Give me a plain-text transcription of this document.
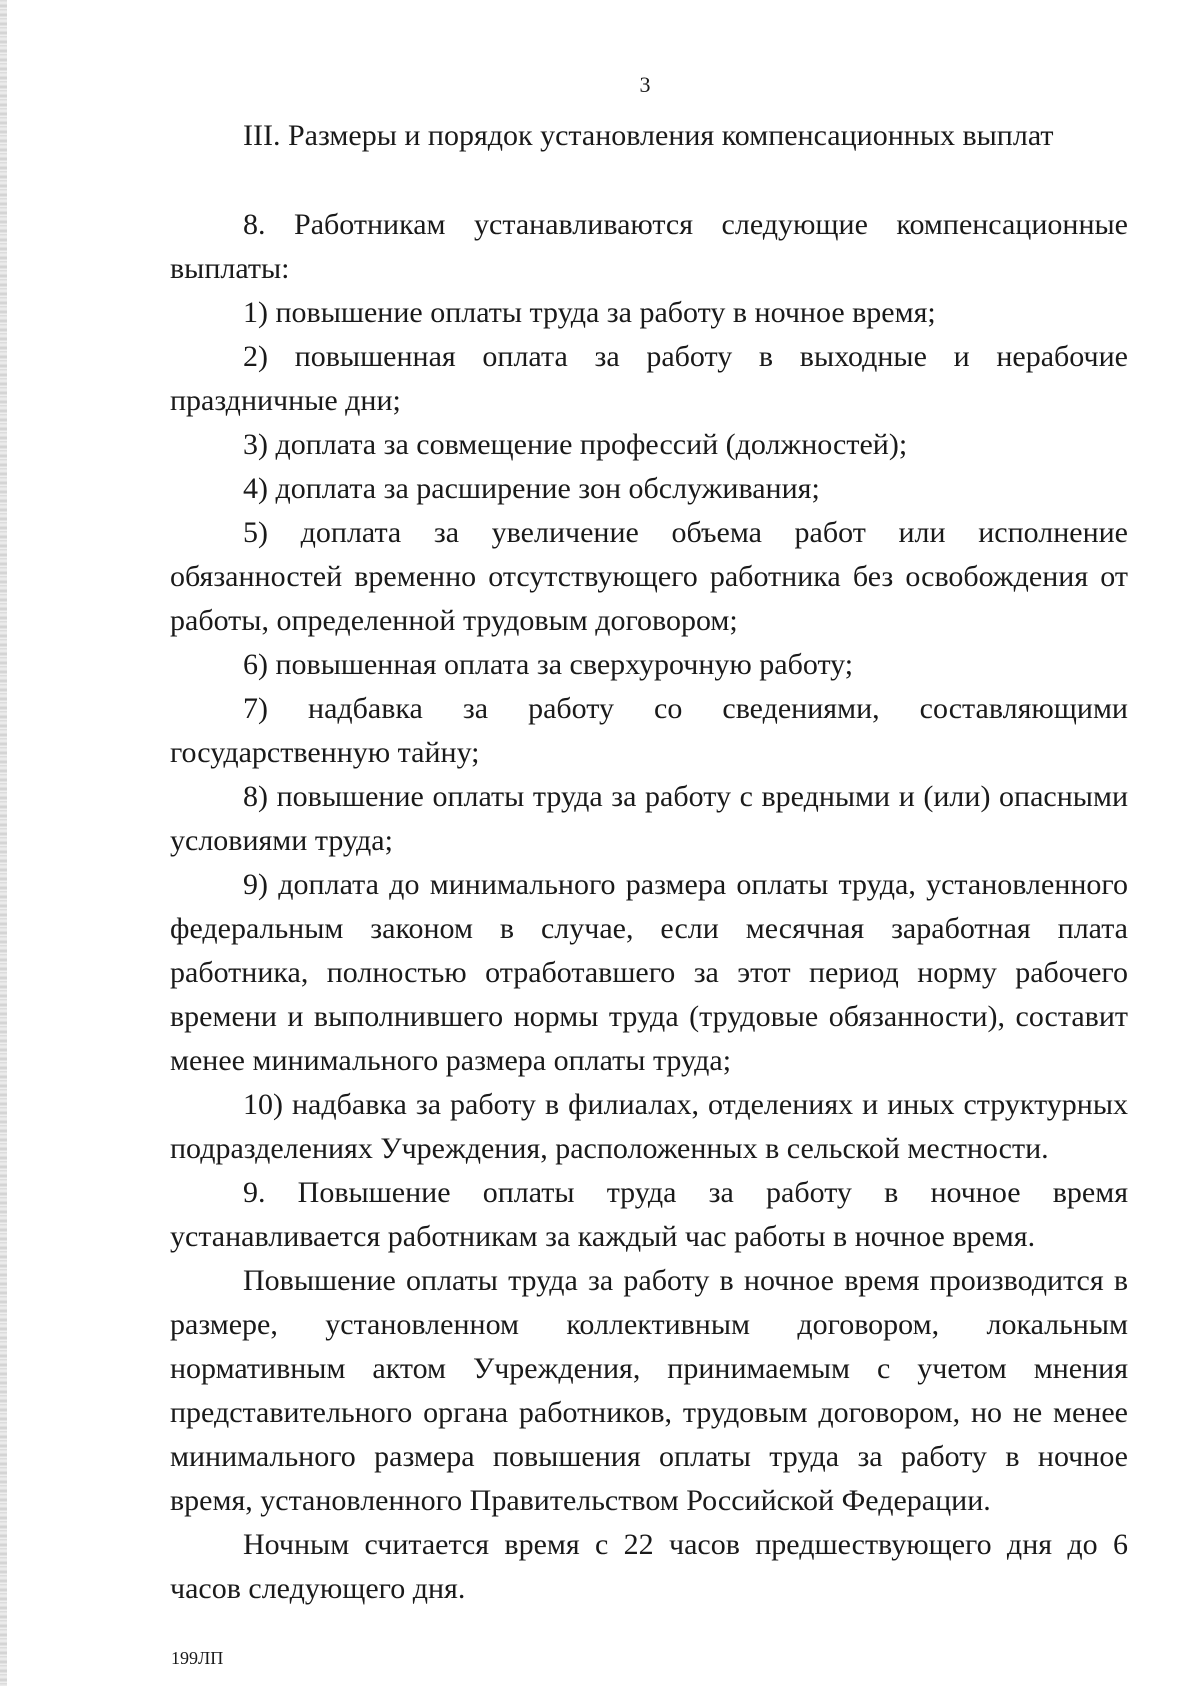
3
III. Размеры и порядок установления компенсационных выплат

8. Работникам устанавливаются следующие компенсационные выплаты:

1) повышение оплаты труда за работу в ночное время;

2) повышенная оплата за работу в выходные и нерабочие праздничные дни;

3) доплата за совмещение профессий (должностей);

4) доплата за расширение зон обслуживания;

5) доплата за увеличение объема работ или исполнение обязанностей временно отсутствующего работника без освобождения от работы, определенной трудовым договором;

6) повышенная оплата за сверхурочную работу;

7) надбавка за работу со сведениями, составляющими государственную тайну;

8) повышение оплаты труда за работу с вредными и (или) опасными условиями труда;

9) доплата до минимального размера оплаты труда, установленного федеральным законом в случае, если месячная заработная плата работника, полностью отработавшего за этот период норму рабочего времени и выполнившего нормы труда (трудовые обязанности), составит менее минимального размера оплаты труда;

10) надбавка за работу в филиалах, отделениях и иных структурных подразделениях Учреждения, расположенных в сельской местности.

9. Повышение оплаты труда за работу в ночное время устанавливается работникам за каждый час работы в ночное время.

Повышение оплаты труда за работу в ночное время производится в размере, установленном коллективным договором, локальным нормативным актом Учреждения, принимаемым с учетом мнения представительного органа работников, трудовым договором, но не менее минимального размера повышения оплаты труда за работу в ночное время, установленного Правительством Российской Федерации.

Ночным считается время с 22 часов предшествующего дня до 6 часов следующего дня.

199ЛП
